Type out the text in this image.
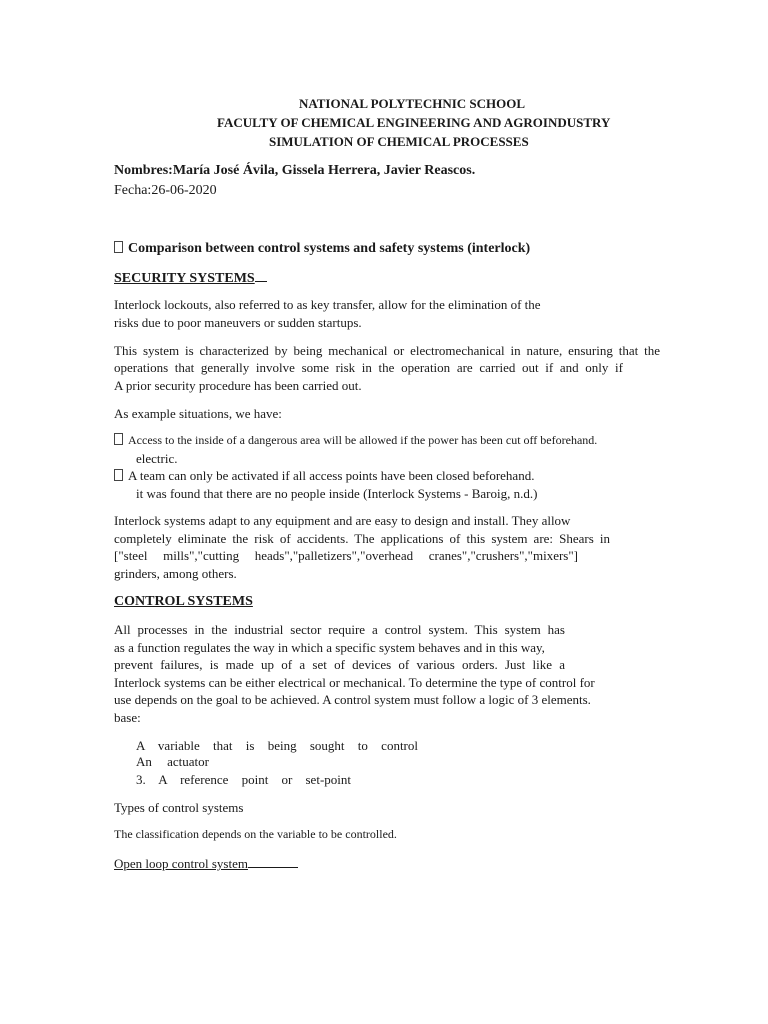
NATIONAL POLYTECHNIC SCHOOL
FACULTY OF CHEMICAL ENGINEERING AND AGROINDUSTRY
SIMULATION OF CHEMICAL PROCESSES
Nombres:María José Ávila, Gissela Herrera, Javier Reascos.
Fecha:26-06-2020
Comparison between control systems and safety systems (interlock)
SECURITY SYSTEMS
Interlock lockouts, also referred to as key transfer, allow for the elimination of the
risks due to poor maneuvers or sudden startups.
This system is characterized by being mechanical or electromechanical in nature, ensuring that the
operations that generally involve some risk in the operation are carried out if and only if
A prior security procedure has been carried out.
As example situations, we have:
Access to the inside of a dangerous area will be allowed if the power has been cut off beforehand.
electric.
A team can only be activated if all access points have been closed beforehand.
it was found that there are no people inside (Interlock Systems - Baroig, n.d.)
Interlock systems adapt to any equipment and are easy to design and install. They allow
completely eliminate the risk of accidents. The applications of this system are: Shears in
["steel mills","cutting heads","palletizers","overhead cranes","crushers","mixers"]
grinders, among others.
CONTROL SYSTEMS
All processes in the industrial sector require a control system. This system has
as a function regulates the way in which a specific system behaves and in this way,
prevent failures, is made up of a set of devices of various orders. Just like a
Interlock systems can be either electrical or mechanical. To determine the type of control for
use depends on the goal to be achieved. A control system must follow a logic of 3 elements.
base:
A variable that is being sought to control
An actuator
3. A reference point or set-point
Types of control systems
The classification depends on the variable to be controlled.
Open loop control system
